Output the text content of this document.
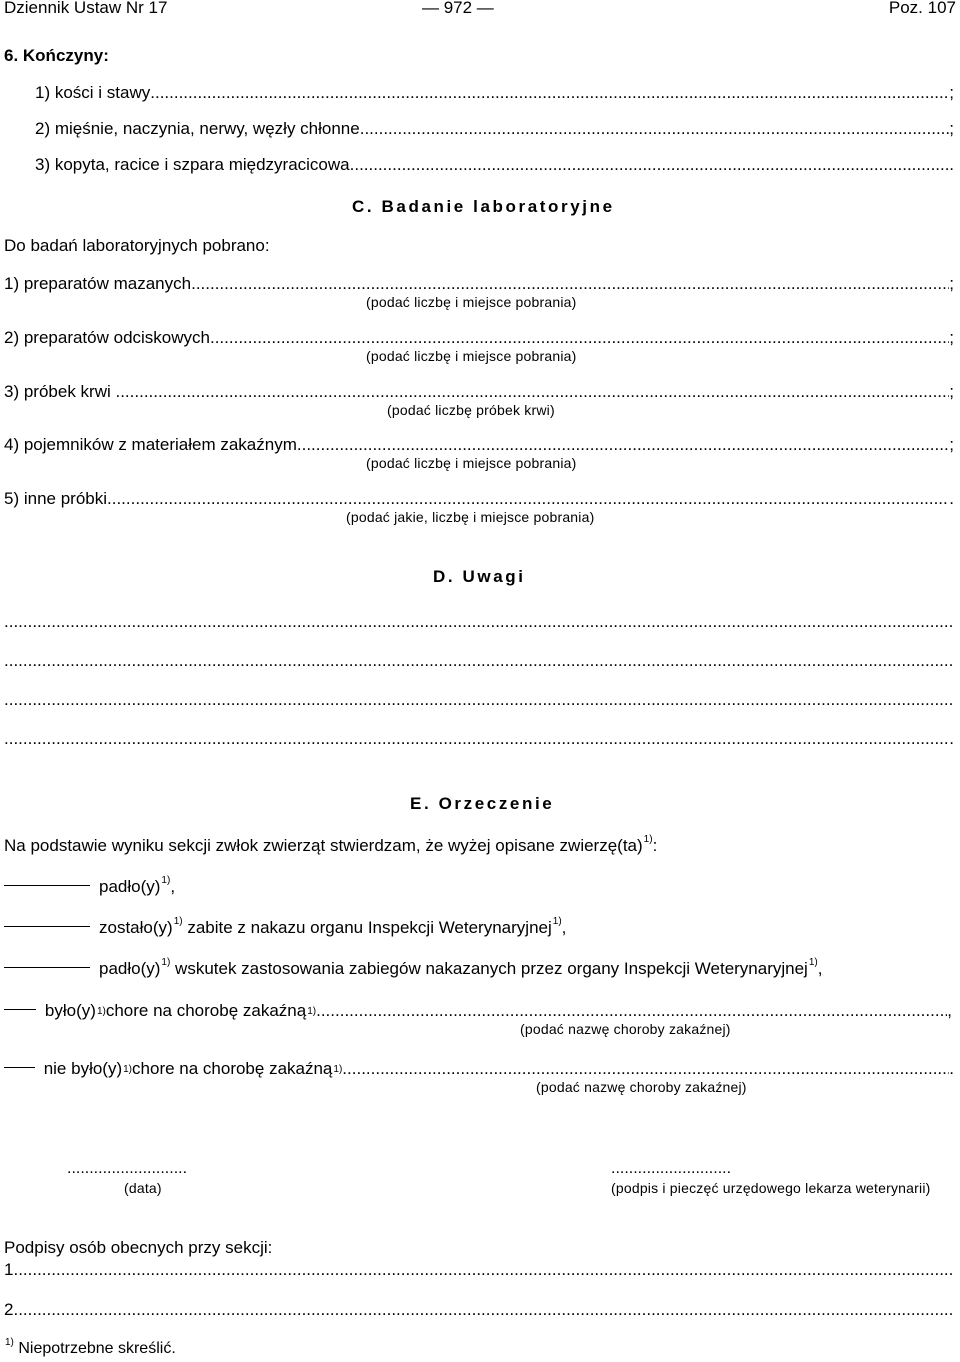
Dziennik Ustaw Nr 17	— 972 —	Poz. 107
6. Kończyny:
1) kości i stawy .....	;
2) mięśnie, naczynia, nerwy, węzły chłonne .....	;
3) kopyta, racice i szpara międzyracicowa .....	.
C. Badanie laboratoryjne
Do badań laboratoryjnych pobrano:
1) preparatów mazanych .....	;
(podać liczbę i miejsce pobrania)
2) preparatów odciskowych .....	;
(podać liczbę i miejsce pobrania)
3) próbek krwi . .....	;
(podać liczbę próbek krwi)
4) pojemników z materiałem zakaźnym .....	;
(podać liczbę i miejsce pobrania)
5) inne próbki .....	.
(podać jakie, liczbę i miejsce pobrania)
D. Uwagi
.....
.....
.....
.....
.
E. Orzeczenie
Na podstawie wyniku sekcji zwłok zwierząt stwierdzam, że wyżej opisane zwierzę(ta)$^{1)}$:
$padło(y)^{1)}$,
$zostało(y)^{1)}$ zabite z nakazu organu Inspekcji Weterynaryjnej$^{1)}$,
$padło(y)^{1)}$ wskutek zastosowania zabiegów nakazanych przez organy Inspekcji Weterynaryjnej$^{1)}$,
$było(y)^{1)}$ chore na chorobę zakaźną$^{1)}$ .....	,
(podać nazwę choroby zakaźnej)
nie $było(y)^{1)}$ chore na chorobę zakaźną$^{1)}$ .....	.
(podać nazwę choroby zakaźnej)
...........................
(data)
...........................
(podpis i pieczęć urzędowego lekarza weterynarii)
Podpisy osób obecnych przy sekcji:
1.
.....
2.
.....
$^{1)}$ Niepotrzebne skreślić.
